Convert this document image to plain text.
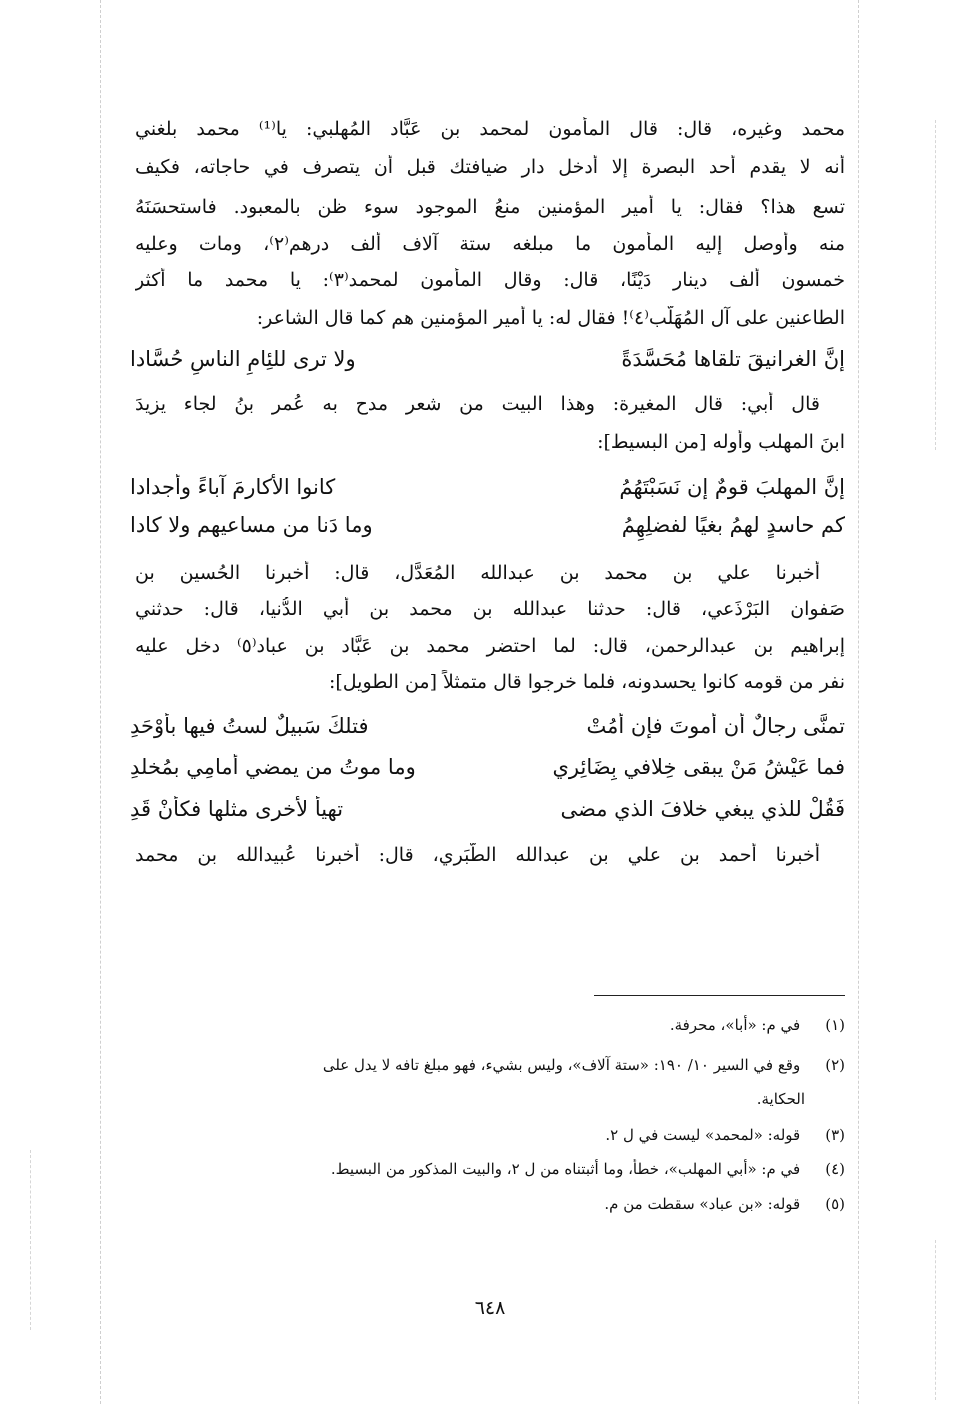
محمد وغيره، قال: قال المأمون لمحمد بن عَبَّاد المُهلبي: يا⁽¹⁾ محمد بلغني
أنه لا يقدم أحد البصرة إلا أدخل دار ضيافتك قبل أن يتصرف في حاجاته، فكيف
تسع هذا؟ فقال: يا أمير المؤمنين منعُ الموجود سوء ظن بالمعبود. فاستحسَنَهُ
منه وأوصل إليه المأمون ما مبلغه ستة آلاف ألف درهم⁽٢⁾، ومات وعليه
خمسون ألف دينار دَيْنًا، قال: وقال المأمون لمحمد⁽٣⁾: يا محمد ما أكثر
الطاعنين على آل المُهَلَّب⁽٤⁾! فقال له: يا أمير المؤمنين هم كما قال الشاعر:
إنَّ الغرانيقَ تلقاها مُحَسَّدَةً
ولا ترى للئِامِ الناسِ حُسَّادا
قال أبي: قال المغيرة: وهذا البيت من شعر مدح به عُمر بنُ لجاء يزيدَ
ابنَ المهلب وأوله [من البسيط]:
إنَّ المهلبَ قومٌ إن نَسَبْتَهُمُ
كانوا الأكارمَ آباءً وأجدادا
كم حاسدٍ لهمُ بغيًا لفضلِهِمُ
وما دَنا من مساعيهم ولا كادا
أخبرنا علي بن محمد بن عبدالله المُعَدَّل، قال: أخبرنا الحُسين بن
صَفوان البَرْذَعي، قال: حدثنا عبدالله بن محمد بن أبي الدُّنيا، قال: حدثني
إبراهيم بن عبدالرحمن، قال: لما احتضر محمد بن عَبَّاد بن عباد⁽٥⁾ دخل عليه
نفر من قومه كانوا يحسدونه، فلما خرجوا قال متمثلاً [من الطويل]:
تمنَّى رجالٌ أن أموتَ فإن أمُتْ
فتلكَ سَبيلٌ لستُ فيها بأوْحَدِ
فما عَيْشُ مَنْ يبقى خِلافي بِضَائِري
وما موتُ من يمضي أمامِي بمُخلدِ
فَقُلْ للذي يبغي خلافَ الذي مضى
تهيأْ لأخرى مثلها فكأنْ قَدِ
أخبرنا أحمد بن علي بن عبدالله الطَّبَري، قال: أخبرنا عُبيدالله بن محمد
(١) في م: «أبا»، محرفة.
(٢) وقع في السير ١٠/ ١٩٠: «ستة آلاف»، وليس بشيء، فهو مبلغ تافه لا يدل على
الحكاية.
(٣) قوله: «لمحمد» ليست في ل ٢.
(٤) في م: «أبي المهلب»، خطأ، وما أثبتناه من ل ٢، والبيت المذكور من البسيط.
(٥) قوله: «بن عباد» سقطت من م.
٦٤٨
